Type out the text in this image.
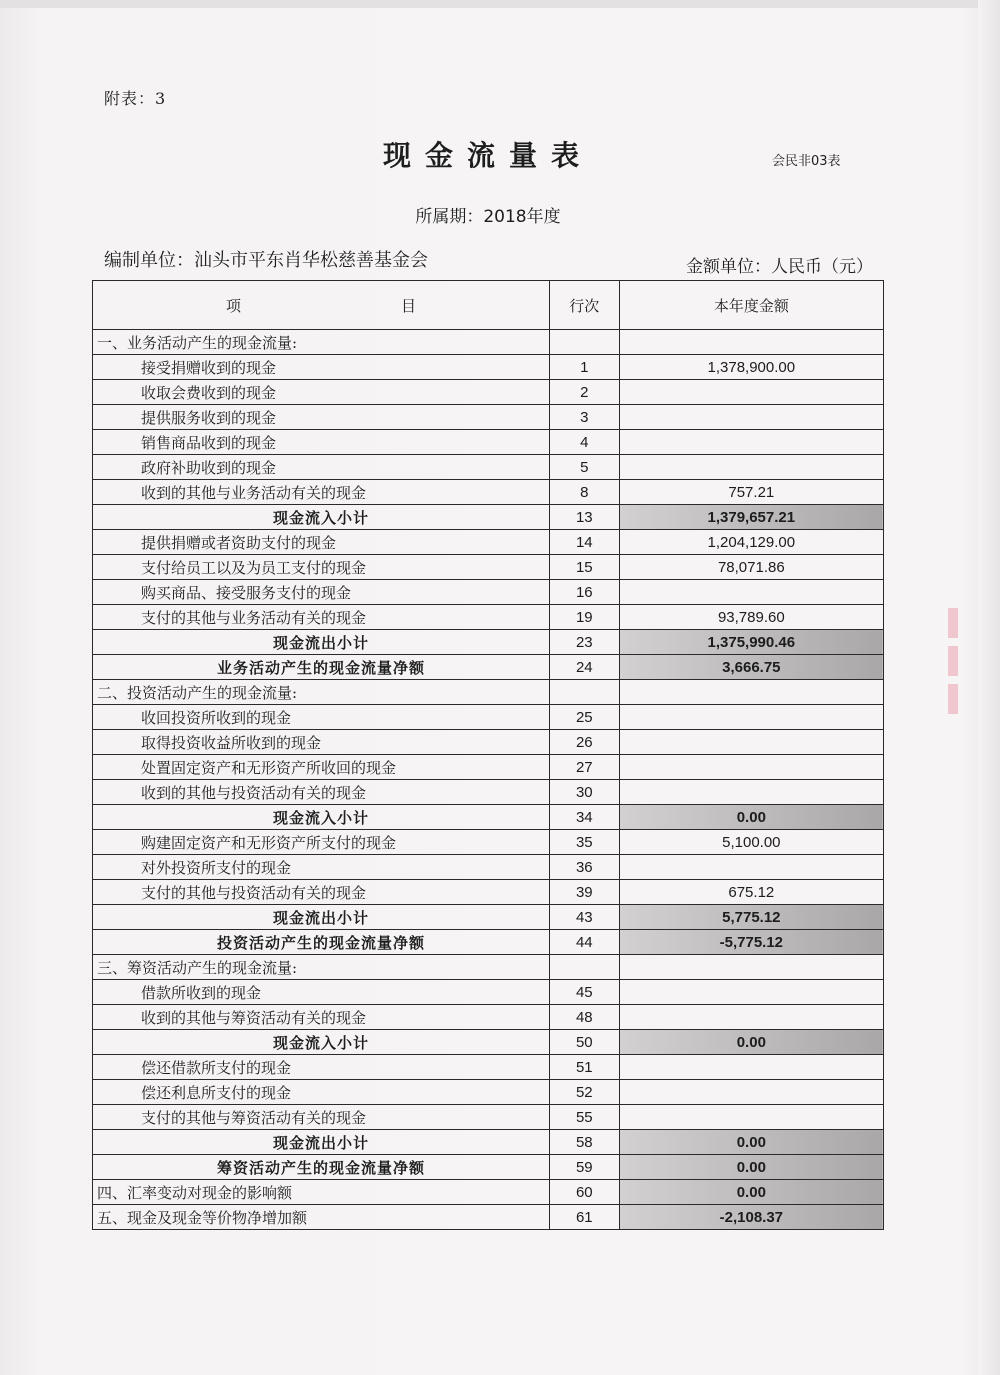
附表：3
现金流量表	会民非03表
所属期：2018年度
编制单位：汕头市平东肖华松慈善基金会	金额单位：人民币（元）
项 目	行次	本年度金额
一、业务活动产生的现金流量:		
接受捐赠收到的现金	1	1,378,900.00
收取会费收到的现金	2	
提供服务收到的现金	3	
销售商品收到的现金	4	
政府补助收到的现金	5	
收到的其他与业务活动有关的现金	8	757.21
现金流入小计	13	1,379,657.21
提供捐赠或者资助支付的现金	14	1,204,129.00
支付给员工以及为员工支付的现金	15	78,071.86
购买商品、接受服务支付的现金	16	
支付的其他与业务活动有关的现金	19	93,789.60
现金流出小计	23	1,375,990.46
业务活动产生的现金流量净额	24	3,666.75
二、投资活动产生的现金流量:		
收回投资所收到的现金	25	
取得投资收益所收到的现金	26	
处置固定资产和无形资产所收回的现金	27	
收到的其他与投资活动有关的现金	30	
现金流入小计	34	0.00
购建固定资产和无形资产所支付的现金	35	5,100.00
对外投资所支付的现金	36	
支付的其他与投资活动有关的现金	39	675.12
现金流出小计	43	5,775.12
投资活动产生的现金流量净额	44	-5,775.12
三、筹资活动产生的现金流量:		
借款所收到的现金	45	
收到的其他与筹资活动有关的现金	48	
现金流入小计	50	0.00
偿还借款所支付的现金	51	
偿还利息所支付的现金	52	
支付的其他与筹资活动有关的现金	55	
现金流出小计	58	0.00
筹资活动产生的现金流量净额	59	0.00
四、汇率变动对现金的影响额	60	0.00
五、现金及现金等价物净增加额	61	-2,108.37
